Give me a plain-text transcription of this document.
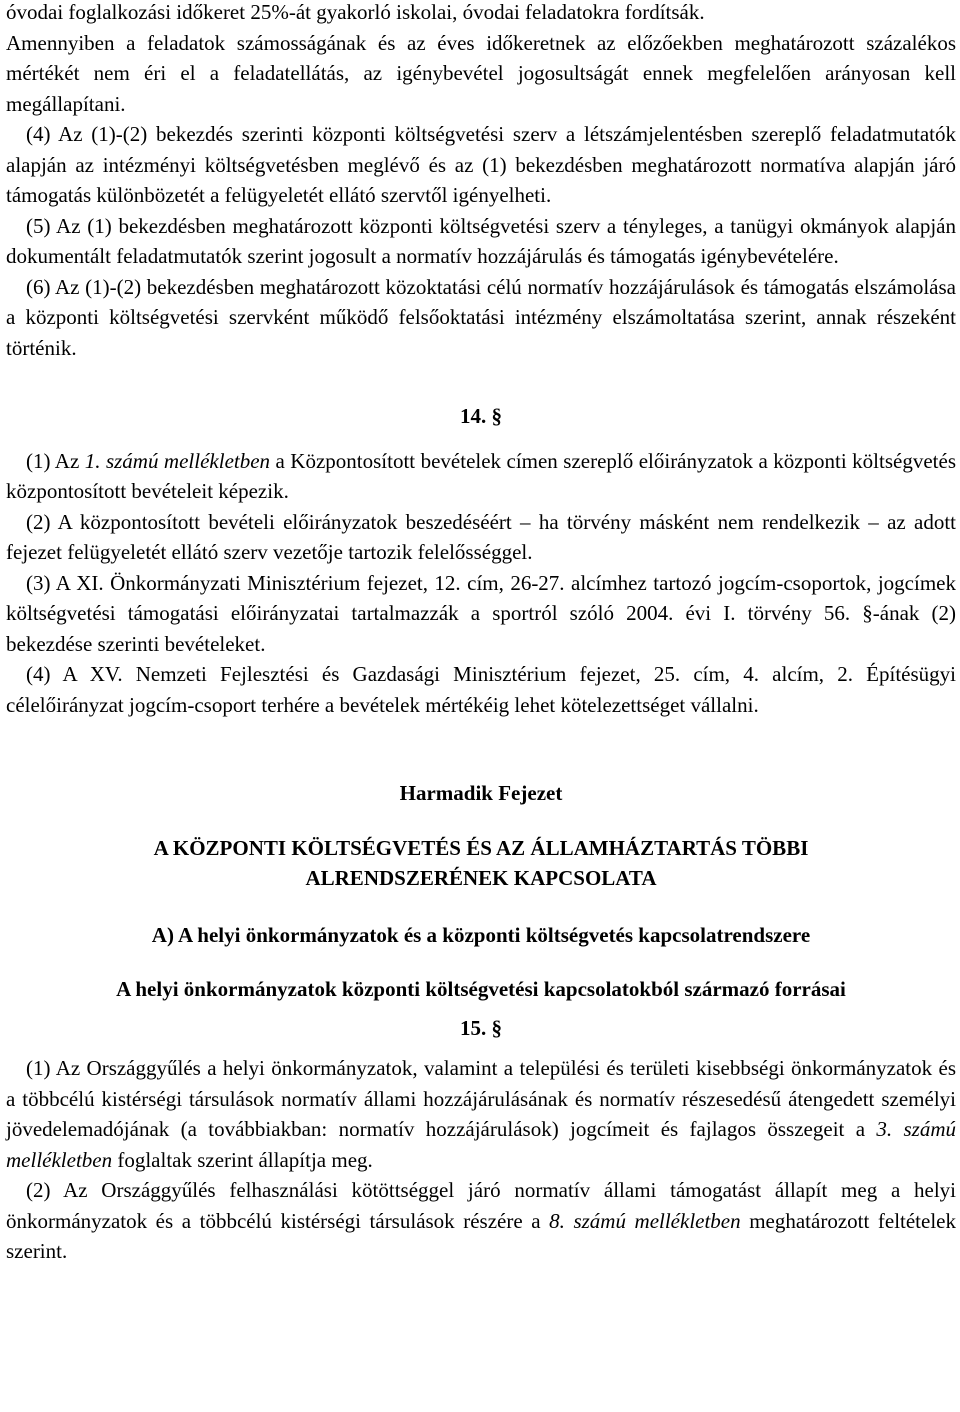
óvodai foglalkozási időkeret 25%-át gyakorló iskolai, óvodai feladatokra fordítsák.

Amennyiben a feladatok számosságának és az éves időkeretnek az előzőekben meghatározott százalékos mértékét nem éri el a feladatellátás, az igénybevétel jogosultságát ennek megfelelően arányosan kell megállapítani.

(4) Az (1)-(2) bekezdés szerinti központi költségvetési szerv a létszámjelentésben szereplő feladatmutatók alapján az intézményi költségvetésben meglévő és az (1) bekezdésben meghatározott normatíva alapján járó támogatás különbözetét a felügyeletét ellátó szervtől igényelheti.

(5) Az (1) bekezdésben meghatározott központi költségvetési szerv a tényleges, a tanügyi okmányok alapján dokumentált feladatmutatók szerint jogosult a normatív hozzájárulás és támogatás igénybevételére.

(6) Az (1)-(2) bekezdésben meghatározott közoktatási célú normatív hozzájárulások és támogatás elszámolása a központi költségvetési szervként működő felsőoktatási intézmény elszámoltatása szerint, annak részeként történik.

14. §

(1) Az 1. számú mellékletben a Központosított bevételek címen szereplő előirányzatok a központi költségvetés központosított bevételeit képezik.

(2) A központosított bevételi előirányzatok beszedéséért – ha törvény másként nem rendelkezik – az adott fejezet felügyeletét ellátó szerv vezetője tartozik felelősséggel.

(3) A XI. Önkormányzati Minisztérium fejezet, 12. cím, 26-27. alcímhez tartozó jogcím-csoportok, jogcímek költségvetési támogatási előirányzatai tartalmazzák a sportról szóló 2004. évi I. törvény 56. §-ának (2) bekezdése szerinti bevételeket.

(4) A XV. Nemzeti Fejlesztési és Gazdasági Minisztérium fejezet, 25. cím, 4. alcím, 2. Építésügyi célelőirányzat jogcím-csoport terhére a bevételek mértékéig lehet kötelezettséget vállalni.

Harmadik Fejezet

A KÖZPONTI KÖLTSÉGVETÉS ÉS AZ ÁLLAMHÁZTARTÁS TÖBBI

ALRENDSZERÉNEK KAPCSOLATA

A) A helyi önkormányzatok és a központi költségvetés kapcsolatrendszere

A helyi önkormányzatok központi költségvetési kapcsolatokból származó forrásai

15. §

(1) Az Országgyűlés a helyi önkormányzatok, valamint a települési és területi kisebbségi önkormányzatok és a többcélú kistérségi társulások normatív állami hozzájárulásának és normatív részesedésű átengedett személyi jövedelemadójának (a továbbiakban: normatív hozzájárulások) jogcímeit és fajlagos összegeit a 3. számú mellékletben foglaltak szerint állapítja meg.

(2) Az Országgyűlés felhasználási kötöttséggel járó normatív állami támogatást állapít meg a helyi önkormányzatok és a többcélú kistérségi társulások részére a 8. számú mellékletben meghatározott feltételek szerint.
